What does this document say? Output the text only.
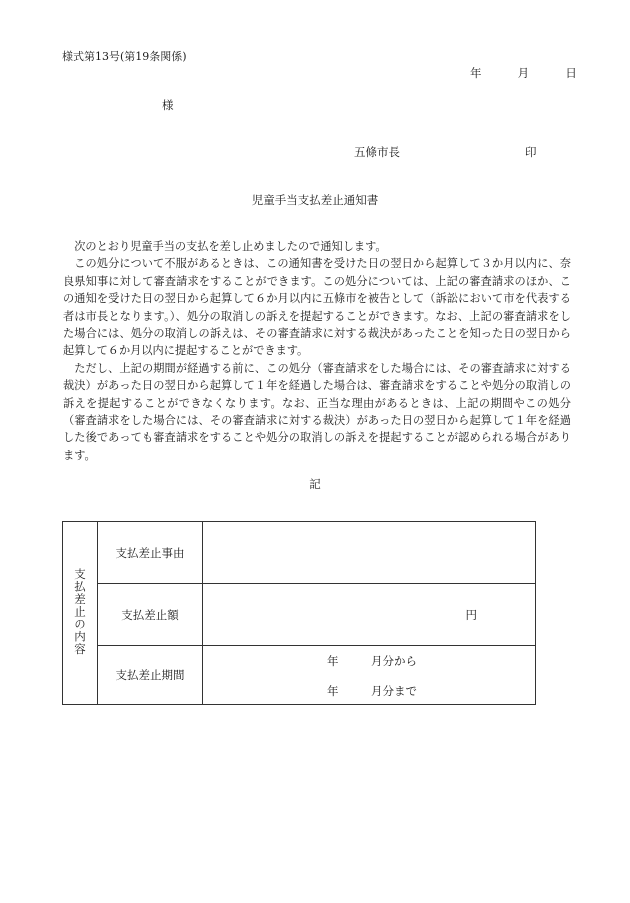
様式第13号(第19条関係)
年	月	日
様
五條市長	印
児童手当支払差止通知書

次のとおり児童手当の支払を差し止めましたので通知します。

この処分について不服があるときは、この通知書を受けた日の翌日から起算して３か月以内に、奈良県知事に対して審査請求をすることができます。この処分については、上記の審査請求のほか、この通知を受けた日の翌日から起算して６か月以内に五條市を被告として（訴訟において市を代表する者は市長となります。）、処分の取消しの訴えを提起することができます。なお、上記の審査請求をした場合には、処分の取消しの訴えは、その審査請求に対する裁決があったことを知った日の翌日から起算して６か月以内に提起することができます。

ただし、上記の期間が経過する前に、この処分（審査請求をした場合には、その審査請求に対する裁決）があった日の翌日から起算して１年を経過した場合は、審査請求をすることや処分の取消しの訴えを提起することができなくなります。なお、正当な理由があるときは、上記の期間やこの処分（審査請求をした場合には、その審査請求に対する裁決）があった日の翌日から起算して１年を経過した後であっても審査請求をすることや処分の取消しの訴えを提起することが認められる場合があります。

記
支払差止の内容	支払差止事由	
	支払差止額	円

	支払差止期間	年 月分から
年 月分まで
